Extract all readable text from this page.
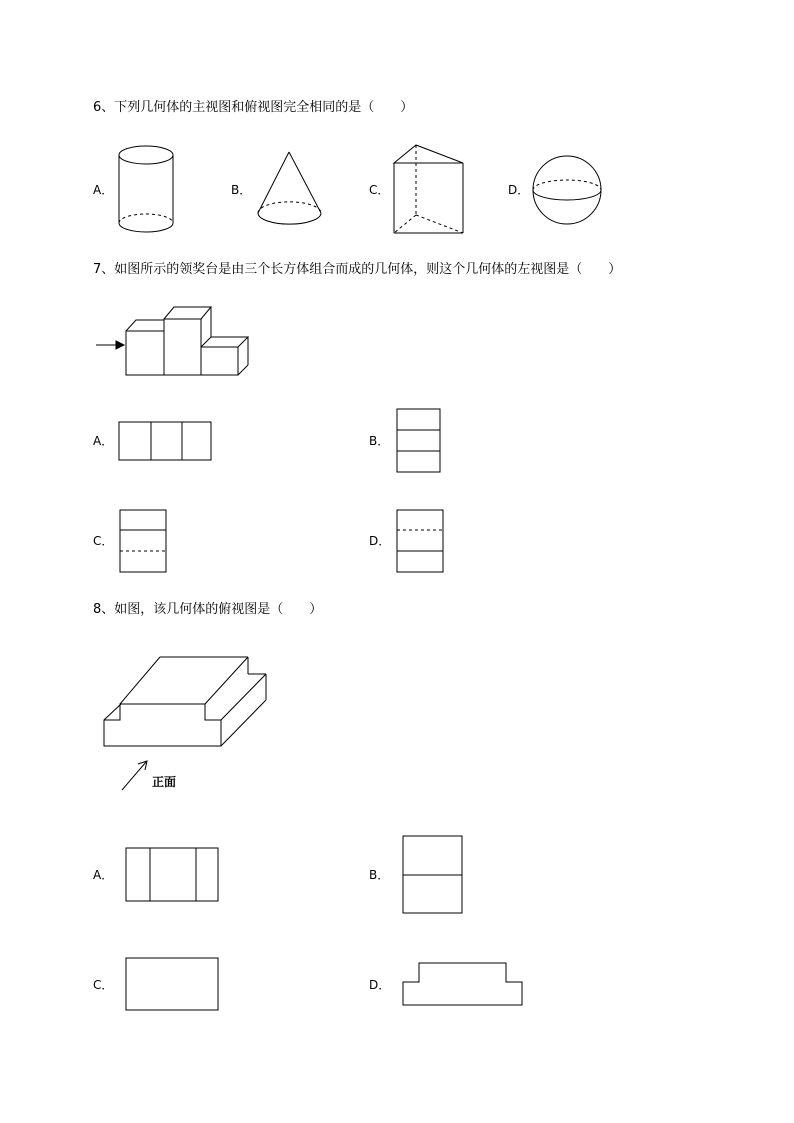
6、下列几何体的主视图和俯视图完全相同的是（　　）
A．	B．	C．	D．
7、如图所示的领奖台是由三个长方体组合而成的几何体，则这个几何体的左视图是（　　）
A．	B．
C．	D．
8、如图，该几何体的俯视图是（　　）
正面
A．	B．
C．	D．
